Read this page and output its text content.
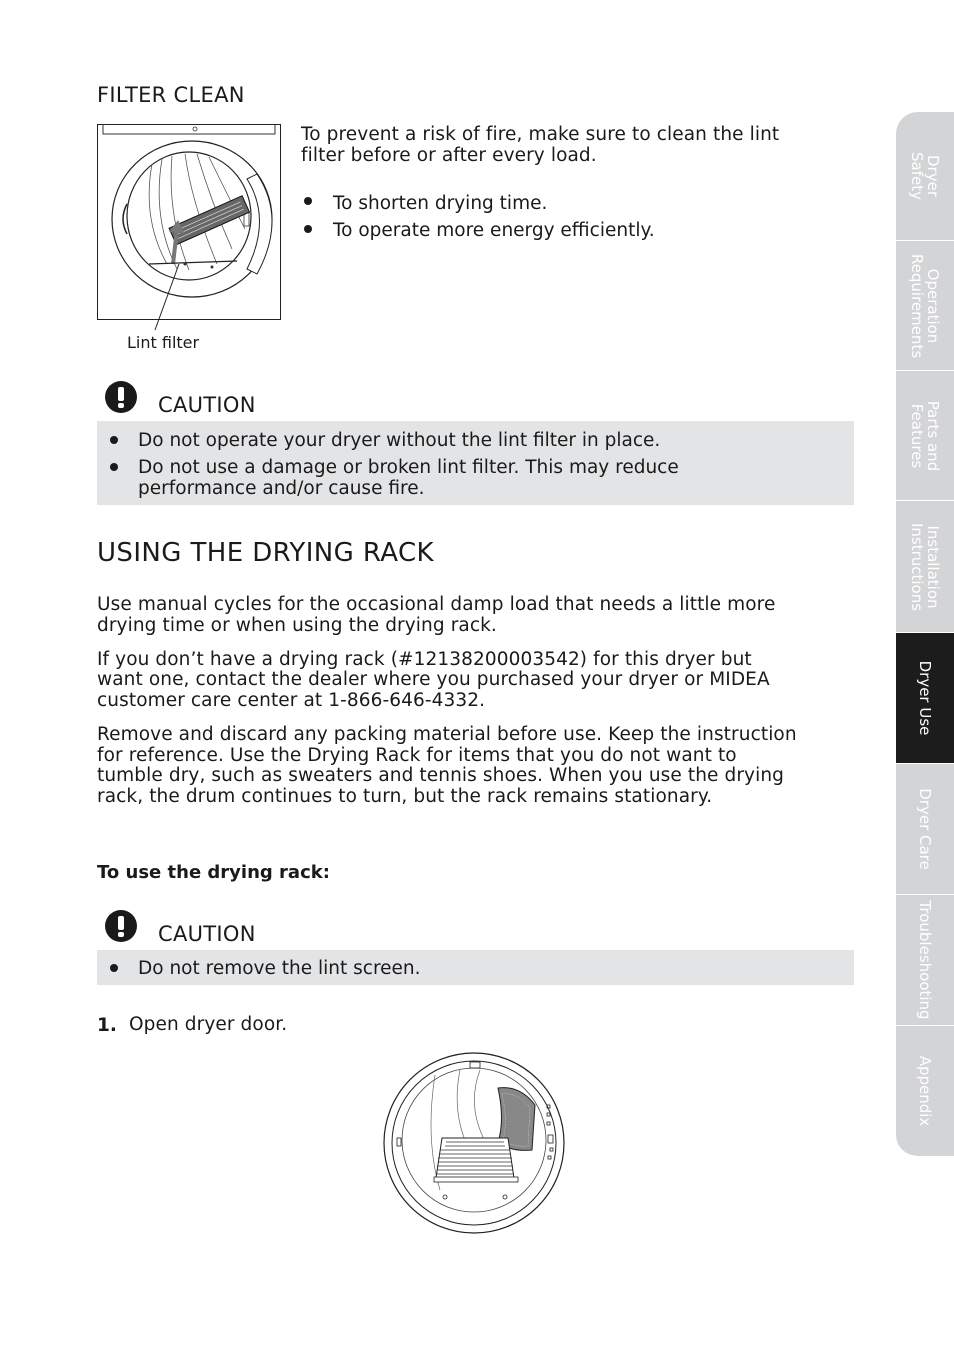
FILTER CLEAN
Lint filter
To prevent a risk of fire, make sure to clean the lint
filter before or after every load.
To shorten drying time.
To operate more energy efficiently.
CAUTION
Do not operate your dryer without the lint filter in place.
Do not use a damage or broken lint filter. This may reduce
performance and/or cause fire.
USING THE DRYING RACK
Use manual cycles for the occasional damp load that needs a little more
drying time or when using the drying rack.
If you don’t have a drying rack (#12138200003542) for this dryer but
want one, contact the dealer where you purchased your dryer or MIDEA
customer care center at 1-866-646-4332.
Remove and discard any packing material before use. Keep the instruction
for reference. Use the Drying Rack for items that you do not want to
tumble dry, such as sweaters and tennis shoes. When you use the drying
rack, the drum continues to turn, but the rack remains stationary.
To use the drying rack:
CAUTION
Do not remove the lint screen.
1. Open dryer door.
Dryer
Safety
Operation
Requirements
Parts and
Features
Installation
Instructions
Dryer Use
Dryer Care
Troubleshooting
Appendix
